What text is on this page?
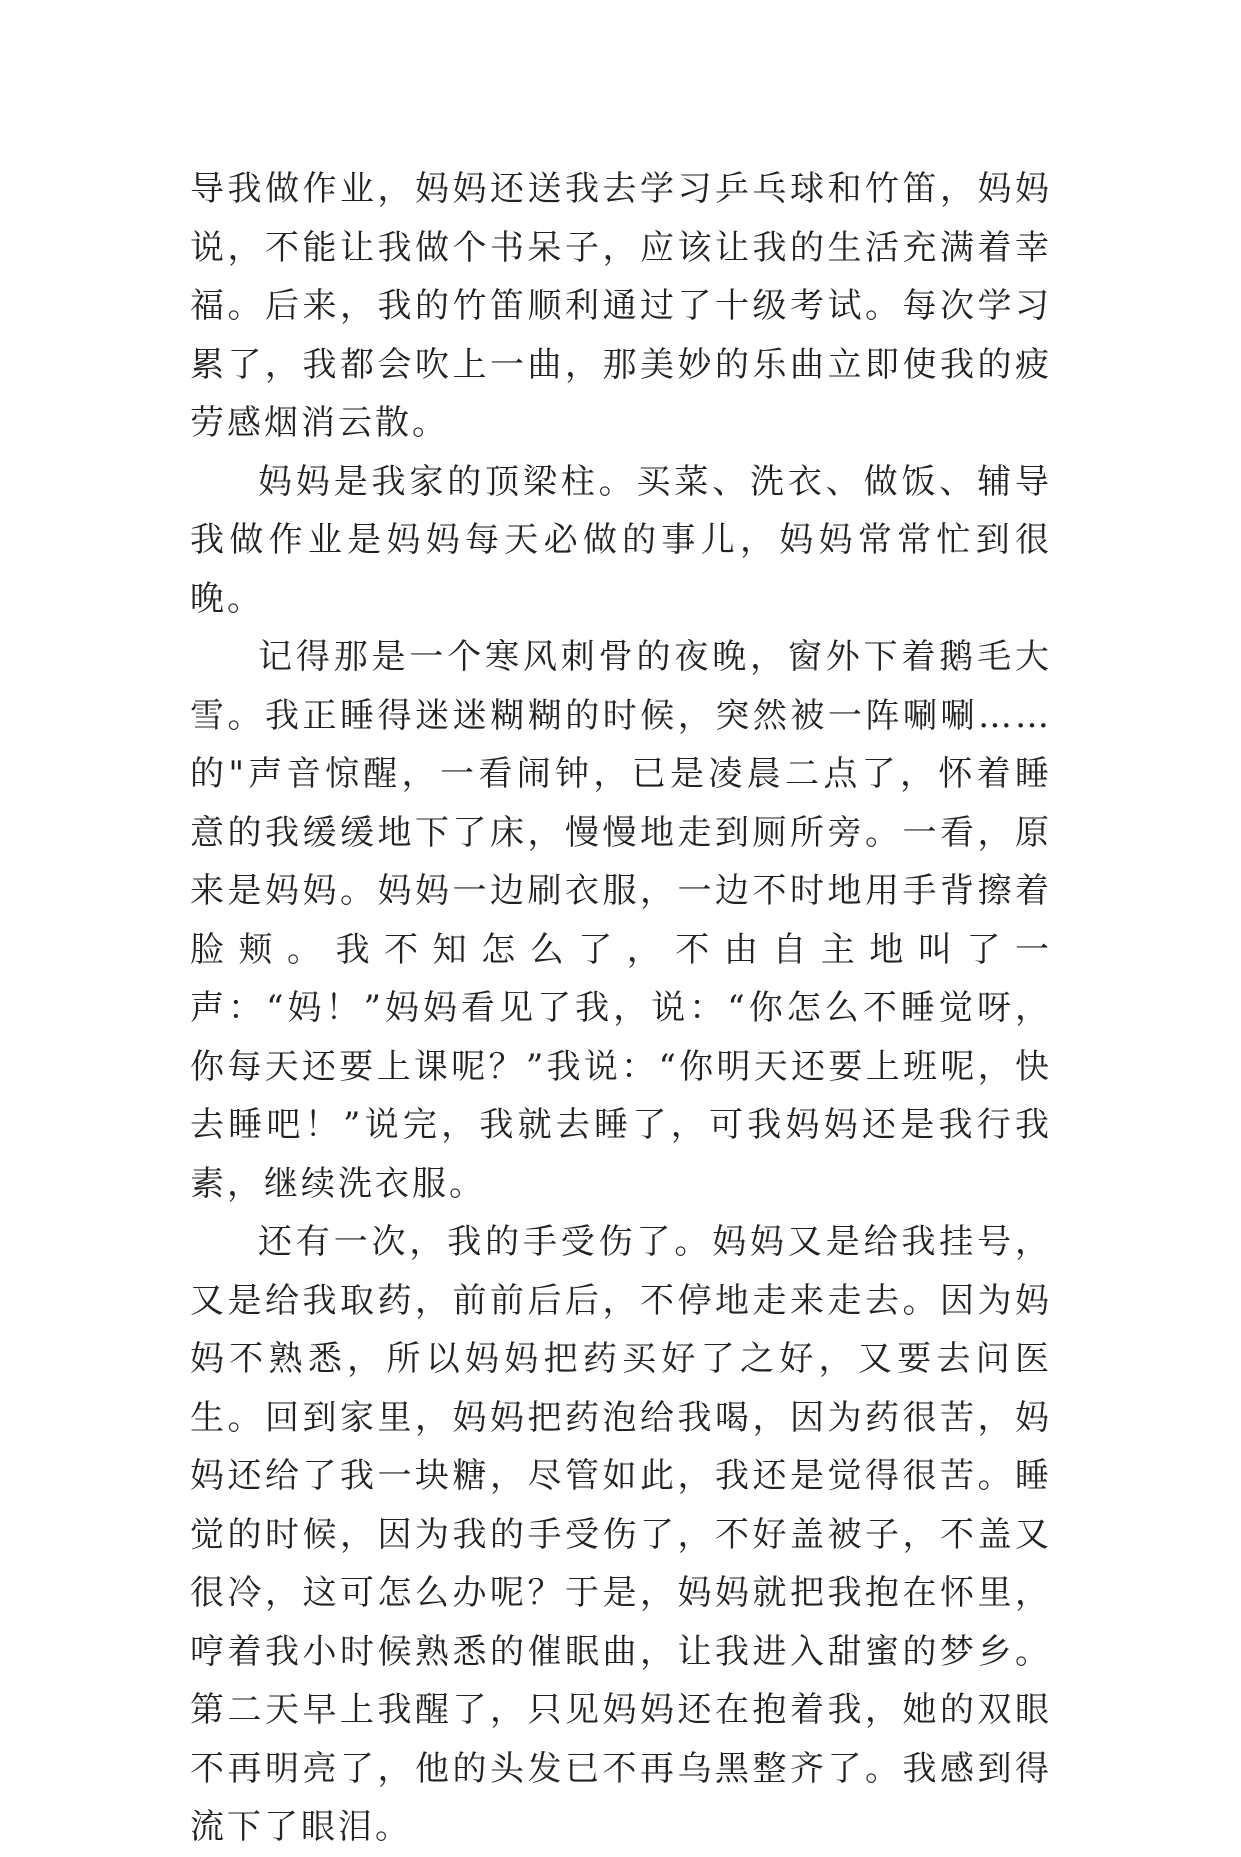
导我做作业，妈妈还送我去学习乒乓球和竹笛，妈妈说，不能让我做个书呆子，应该让我的生活充满着幸福。后来，我的竹笛顺利通过了十级考试。每次学习累了，我都会吹上一曲，那美妙的乐曲立即使我的疲劳感烟消云散。

妈妈是我家的顶梁柱。买菜、洗衣、做饭、辅导我做作业是妈妈每天必做的事儿，妈妈常常忙到很晚。

记得那是一个寒风刺骨的夜晚，窗外下着鹅毛大雪。我正睡得迷迷糊糊的时候，突然被一阵唰唰……的"声音惊醒，一看闹钟，已是凌晨二点了，怀着睡意的我缓缓地下了床，慢慢地走到厕所旁。一看，原来是妈妈。妈妈一边刷衣服，一边不时地用手背擦着脸颊。我不知怎么了，不由自主地叫了一声：“妈！”妈妈看见了我，说：“你怎么不睡觉呀，你每天还要上课呢？”我说：“你明天还要上班呢，快去睡吧！”说完，我就去睡了，可我妈妈还是我行我素，继续洗衣服。

还有一次，我的手受伤了。妈妈又是给我挂号，又是给我取药，前前后后，不停地走来走去。因为妈妈不熟悉，所以妈妈把药买好了之好，又要去问医生。回到家里，妈妈把药泡给我喝，因为药很苦，妈妈还给了我一块糖，尽管如此，我还是觉得很苦。睡觉的时候，因为我的手受伤了，不好盖被子，不盖又很冷，这可怎么办呢？于是，妈妈就把我抱在怀里，哼着我小时候熟悉的催眠曲，让我进入甜蜜的梦乡。第二天早上我醒了，只见妈妈还在抱着我，她的双眼不再明亮了，他的头发已不再乌黑整齐了。我感到得流下了眼泪。
